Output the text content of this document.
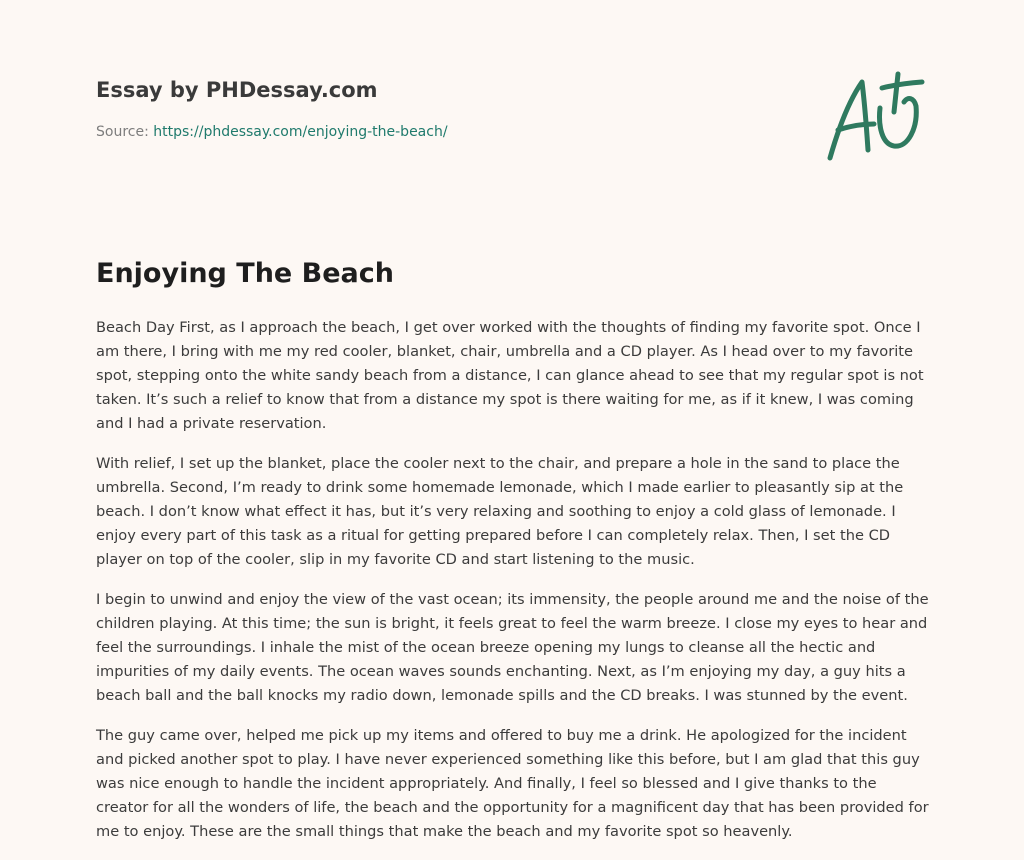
Essay by PHDessay.com
Source: https://phdessay.com/enjoying-the-beach/
Enjoying The Beach

Beach Day First, as I approach the beach, I get over worked with the thoughts of finding my favorite spot. Once I am there, I bring with me my red cooler, blanket, chair, umbrella and a CD player. As I head over to my favorite spot, stepping onto the white sandy beach from a distance, I can glance ahead to see that my regular spot is not taken. It’s such a relief to know that from a distance my spot is there waiting for me, as if it knew, I was coming and I had a private reservation.

With relief, I set up the blanket, place the cooler next to the chair, and prepare a hole in the sand to place the umbrella. Second, I’m ready to drink some homemade lemonade, which I made earlier to pleasantly sip at the beach. I don’t know what effect it has, but it’s very relaxing and soothing to enjoy a cold glass of lemonade. I enjoy every part of this task as a ritual for getting prepared before I can completely relax. Then, I set the CD player on top of the cooler, slip in my favorite CD and start listening to the music.

I begin to unwind and enjoy the view of the vast ocean; its immensity, the people around me and the noise of the children playing. At this time; the sun is bright, it feels great to feel the warm breeze. I close my eyes to hear and feel the surroundings. I inhale the mist of the ocean breeze opening my lungs to cleanse all the hectic and impurities of my daily events. The ocean waves sounds enchanting. Next, as I’m enjoying my day, a guy hits a beach ball and the ball knocks my radio down, lemonade spills and the CD breaks. I was stunned by the event.

The guy came over, helped me pick up my items and offered to buy me a drink. He apologized for the incident and picked another spot to play. I have never experienced something like this before, but I am glad that this guy was nice enough to handle the incident appropriately. And finally, I feel so blessed and I give thanks to the creator for all the wonders of life, the beach and the opportunity for a magnificent day that has been provided for me to enjoy. These are the small things that make the beach and my favorite spot so heavenly.
